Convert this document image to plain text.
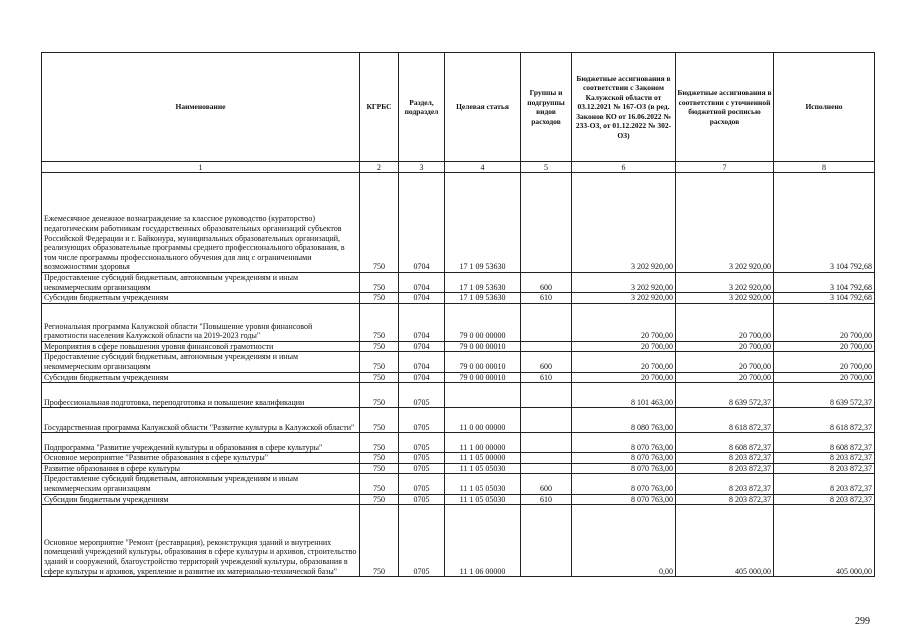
Наименование	КГРБС	Раздел, подраздел	Целевая статья	Группы и подгруппы видов расходов	Бюджетные ассигнования в соответствии с Законом Калужской области от 03.12.2021 № 167-ОЗ (в ред. Законов КО от 16.06.2022 № 233-ОЗ, от 01.12.2022 № 302-ОЗ)	Бюджетные ассигнования в соответствии с уточненной бюджетной росписью расходов	Исполнено
1	2	3	4	5	6	7	8
Ежемесячное денежное вознаграждение за классное руководство (кураторство) педагогическим работникам государственных образовательных организаций субъектов Российской Федерации и г. Байконура, муниципальных образовательных организаций, реализующих образовательные программы среднего профессионального образования, в том числе программы профессионального обучения для лиц с ограниченными возможностями здоровья	750	0704	17 1 09 53630		3 202 920,00	3 202 920,00	3 104 792,68
Предоставление субсидий бюджетным, автономным учреждениям и иным некоммерческим организациям	750	0704	17 1 09 53630	600	3 202 920,00	3 202 920,00	3 104 792,68
Субсидии бюджетным учреждениям	750	0704	17 1 09 53630	610	3 202 920,00	3 202 920,00	3 104 792,68
Региональная программа Калужской области "Повышение уровня финансовой грамотности населения Калужской области на 2019-2023 годы"	750	0704	79 0 00 00000		20 700,00	20 700,00	20 700,00
Мероприятия в сфере повышения уровня финансовой грамотности	750	0704	79 0 00 00010		20 700,00	20 700,00	20 700,00
Предоставление субсидий бюджетным, автономным учреждениям и иным некоммерческим организациям	750	0704	79 0 00 00010	600	20 700,00	20 700,00	20 700,00
Субсидии бюджетным учреждениям	750	0704	79 0 00 00010	610	20 700,00	20 700,00	20 700,00
Профессиональная подготовка, переподготовка и повышение квалификации	750	0705			8 101 463,00	8 639 572,37	8 639 572,37
Государственная программа Калужской области "Развитие культуры в Калужской области"	750	0705	11 0 00 00000		8 080 763,00	8 618 872,37	8 618 872,37
Подпрограмма "Развитие учреждений культуры и образования в сфере культуры"	750	0705	11 1 00 00000		8 070 763,00	8 608 872,37	8 608 872,37
Основное мероприятие "Развитие образования в сфере культуры"	750	0705	11 1 05 00000		8 070 763,00	8 203 872,37	8 203 872,37
Развитие образования в сфере культуры	750	0705	11 1 05 05030		8 070 763,00	8 203 872,37	8 203 872,37
Предоставление субсидий бюджетным, автономным учреждениям и иным некоммерческим организациям	750	0705	11 1 05 05030	600	8 070 763,00	8 203 872,37	8 203 872,37
Субсидии бюджетным учреждениям	750	0705	11 1 05 05030	610	8 070 763,00	8 203 872,37	8 203 872,37
Основное мероприятие "Ремонт (реставрация), реконструкция зданий и внутренних помещений учреждений культуры, образования в сфере культуры и архивов, строительство зданий и сооружений, благоустройство территорий учреждений культуры, образования в сфере культуры и архивов, укрепление и развитие их материально-технической базы"	750	0705	11 1 06 00000		0,00	405 000,00	405 000,00
299
